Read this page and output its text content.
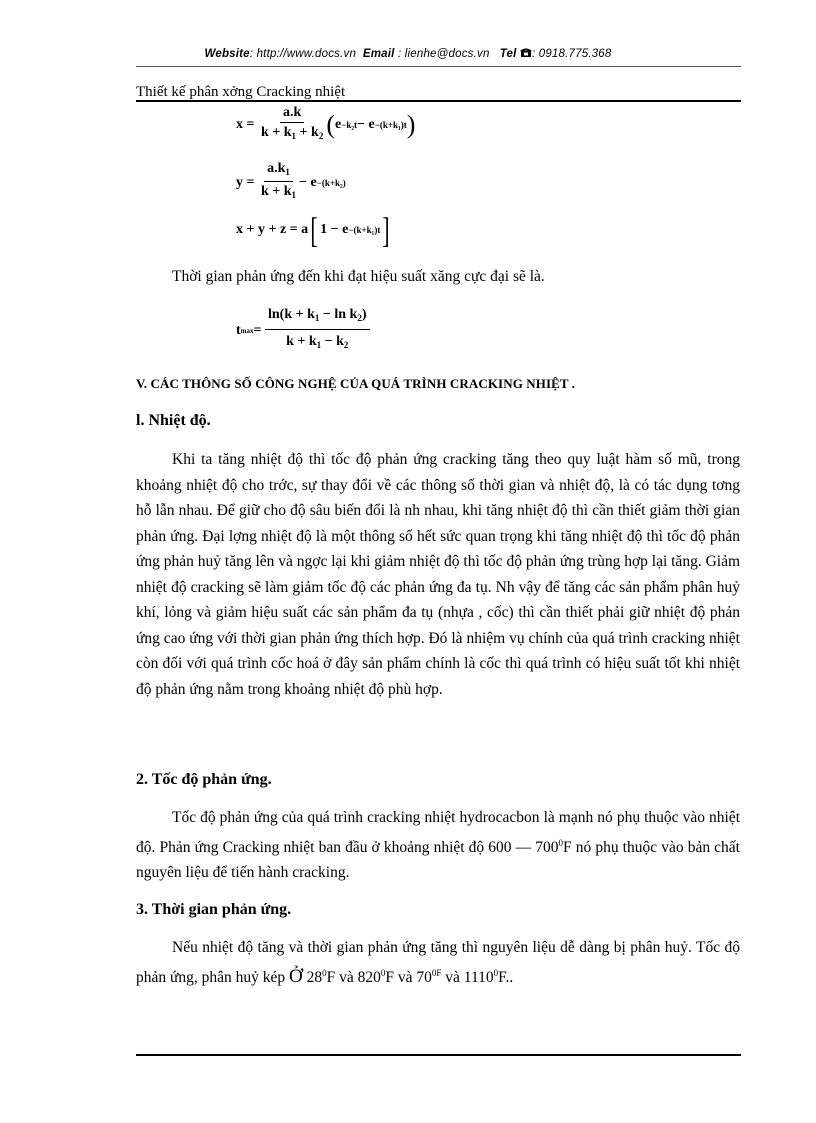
Website: http://www.docs.vn Email : lienhe@docs.vn Tel : 0918.775.368
Thiết kế phân xởng Cracking nhiệt
x =
$\frac{a.k}{k + k_1 + k_2}$ ( e −k₂t − e −(k+k₁)t )
y =
$\frac{a.k_1}{k + k_1} - e -(k+k_2)$
x + y + z = a [ 1 − e −(k+k₁)t ]

Thời gian phản ứng đến khi đạt hiệu suất xăng cực đại sẽ là.

t max =
$\frac{\ln(k + k_1 - \ln k_2)}{k + k_1 - k_2}$
V. CÁC THÔNG SỐ CÔNG NGHỆ CỦA QUÁ TRÌNH CRACKING NHIỆT .
l. Nhiệt độ.

Khi ta tăng nhiệt độ thì tốc độ phản ứng cracking tăng theo quy luật hàm số mũ, trong khoảng nhiệt độ cho trớc, sự thay đổi về các thông số thời gian và nhiệt độ, là có tác dụng tơng hỗ lẫn nhau. Để giữ cho độ sâu biến đổi là nh nhau, khi tăng nhiệt độ thì cần thiết giảm thời gian phản ứng. Đại lợng nhiệt độ là một thông số hết sức quan trọng khi tăng nhiệt độ thì tốc độ phản ứng phản huỷ tăng lên và ngợc lại khi giảm nhiệt độ thì tốc độ phản ứng trùng hợp lại tăng. Giảm nhiệt độ cracking sẽ làm giảm tốc độ các phản ứng đa tụ. Nh vậy để tăng các sản phẩm phân huỷ khí, lỏng và giảm hiệu suất các sản phẩm đa tụ (nhựa , cốc) thì cần thiết phải giữ nhiệt độ phản ứng cao ứng với thời gian phản ứng thích hợp. Đó là nhiệm vụ chính của quá trình cracking nhiệt còn đối với quá trình cốc hoá ở đây sản phẩm chính là cốc thì quá trình có hiệu suất tốt khi nhiệt độ phản ứng nằm trong khoảng nhiệt độ phù hợp.

2. Tốc độ phản ứng.

Tốc độ phản ứng của quá trình cracking nhiệt hydrocacbon là mạnh nó phụ thuộc vào nhiệt độ. Phản ứng Cracking nhiệt ban đầu ở khoảng nhiệt độ 600 — $700^0F$ nó phụ thuộc vào bản chất nguyên liệu để tiến hành cracking.

3. Thời gian phản ứng.

Nếu nhiệt độ tăng và thời gian phản ứng tăng thì nguyên liệu dễ dàng bị phân huỷ. Tốc độ phản ứng, phân huỷ kép Ở $28^0F$ và $820^0F$ và $70^{0F}$ và 1110$^0$F..
